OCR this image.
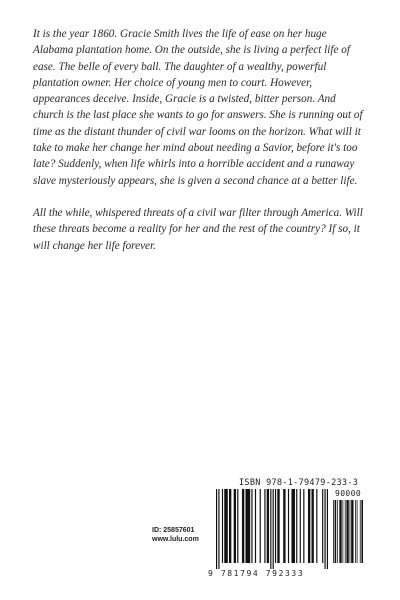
It is the year 1860. Gracie Smith lives the life of ease on her huge Alabama plantation home. On the outside, she is living a perfect life of ease. The belle of every ball. The daughter of a wealthy, powerful plantation owner. Her choice of young men to court. However, appearances deceive. Inside, Gracie is a twisted, bitter person. And church is the last place she wants to go for answers. She is running out of time as the distant thunder of civil war looms on the horizon. What will it take to make her change her mind about needing a Savior, before it's too late? Suddenly, when life whirls into a horrible accident and a runaway slave mysteriously appears, she is given a second chance at a better life.

All the while, whispered threats of a civil war filter through America. Will these threats become a reality for her and the rest of the country? If so, it will change her life forever.

ID: 25857601
www.lulu.com
ISBN 978-1-79479-233-3
90000
9 781794 792333
